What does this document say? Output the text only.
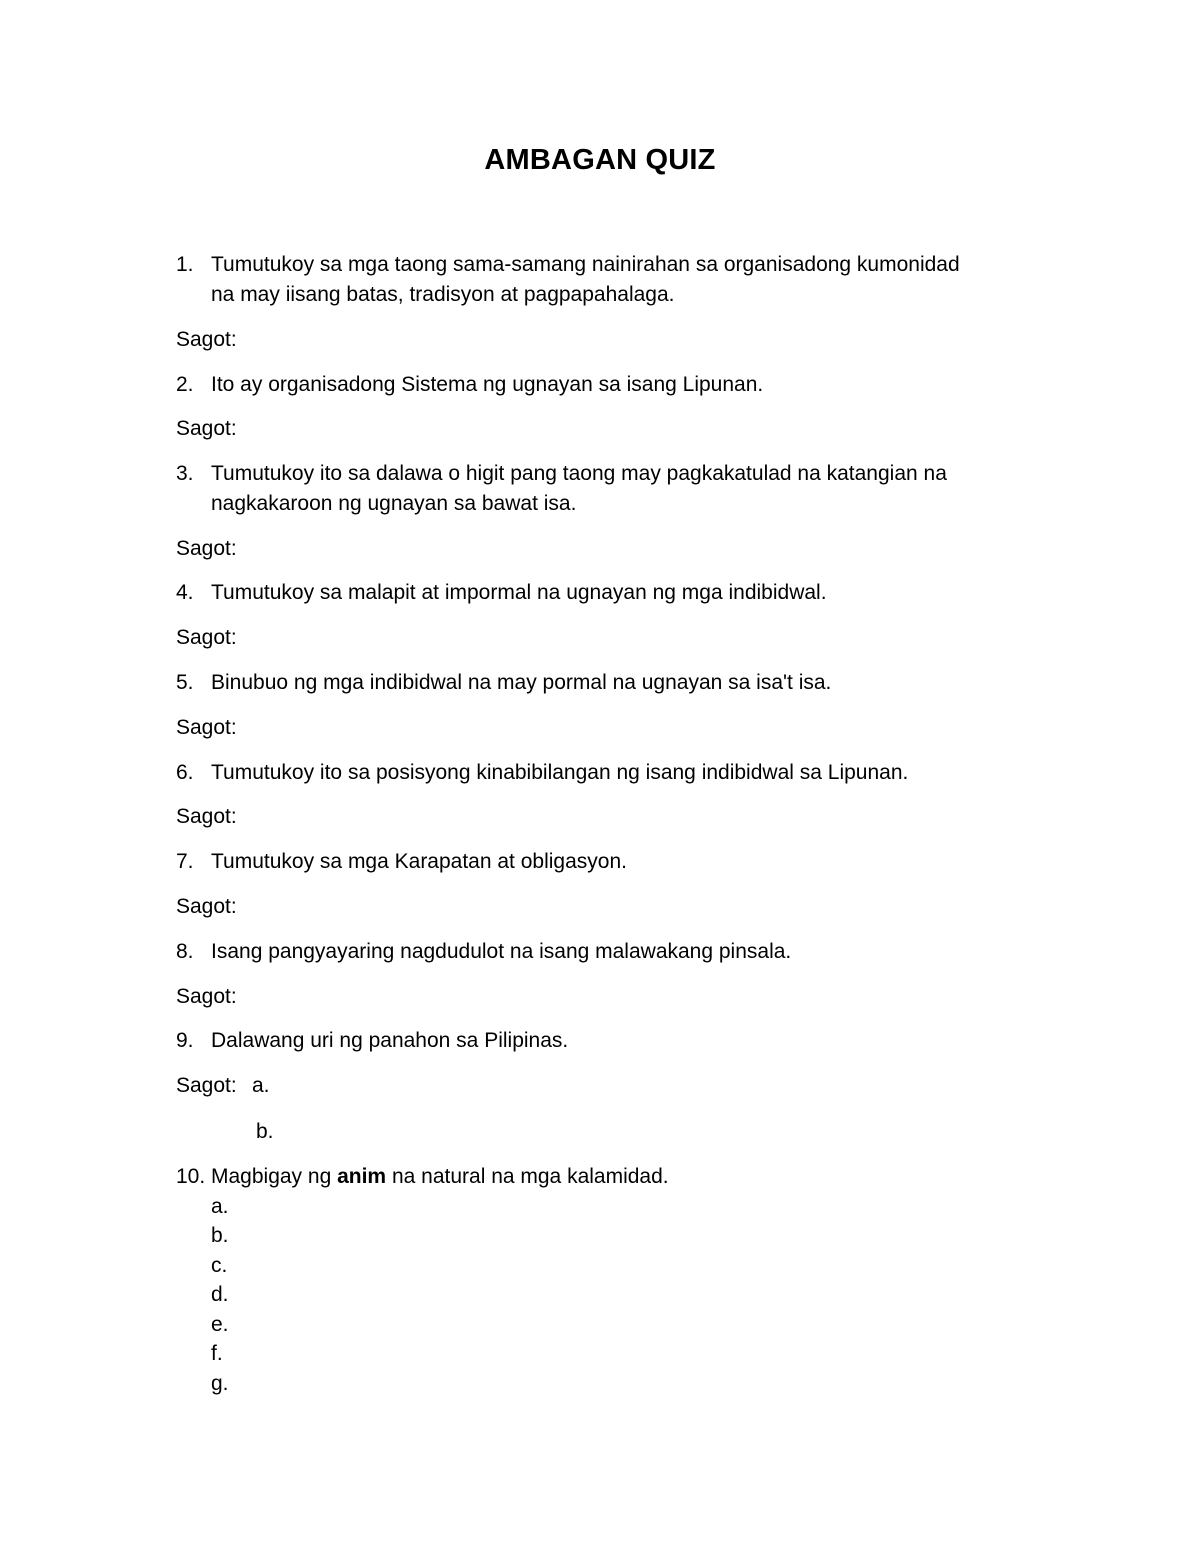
AMBAGAN QUIZ
1. Tumutukoy sa mga taong sama-samang nainirahan sa organisadong kumonidad
na may iisang batas, tradisyon at pagpapahalaga.
Sagot:
2. Ito ay organisadong Sistema ng ugnayan sa isang Lipunan.
Sagot:
3. Tumutukoy ito sa dalawa o higit pang taong may pagkakatulad na katangian na
nagkakaroon ng ugnayan sa bawat isa.
Sagot:
4. Tumutukoy sa malapit at impormal na ugnayan ng mga indibidwal.
Sagot:
5. Binubuo ng mga indibidwal na may pormal na ugnayan sa isa't isa.
Sagot:
6. Tumutukoy ito sa posisyong kinabibilangan ng isang indibidwal sa Lipunan.
Sagot:
7. Tumutukoy sa mga Karapatan at obligasyon.
Sagot:
8. Isang pangyayaring nagdudulot na isang malawakang pinsala.
Sagot:
9. Dalawang uri ng panahon sa Pilipinas.
Sagot: a.
b.
10. Magbigay ng anim na natural na mga kalamidad.
a.
b.
c.
d.
e.
f.
g.
